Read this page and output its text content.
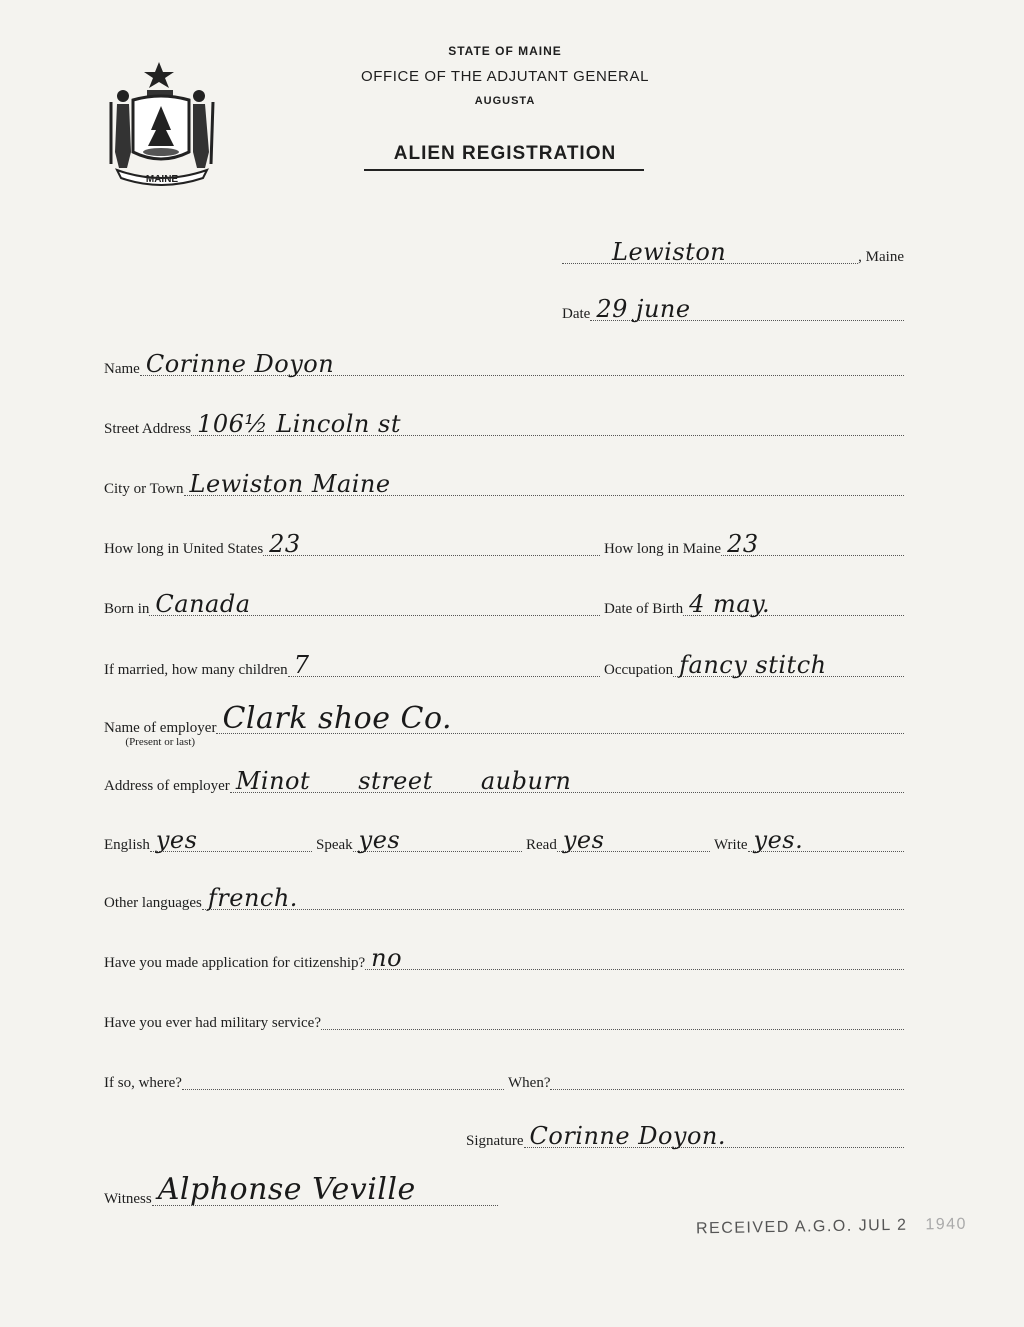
MAINE
STATE OF MAINE
OFFICE OF THE ADJUTANT GENERAL
AUGUSTA
ALIEN REGISTRATION
Lewiston	, Maine
Date 29 june
Name Corinne Doyon
Street Address 106½ Lincoln st
City or Town Lewiston Maine
How long in United States 23	How long in Maine 23
Born in Canada	Date of Birth 4 may.
If married, how many children 7	Occupation fancy stitch
Name of employer
(Present or last)
Clark shoe Co.
Address of employer Minot street auburn
English yes	Speak yes	Read yes	Write yes.
Other languages french.
Have you made application for citizenship? no
Have you ever had military service?
If so, where?	When?
Signature Corinne Doyon.
Witness Alphonse Veville
RECEIVED A.G.O. JUL 2 1940
